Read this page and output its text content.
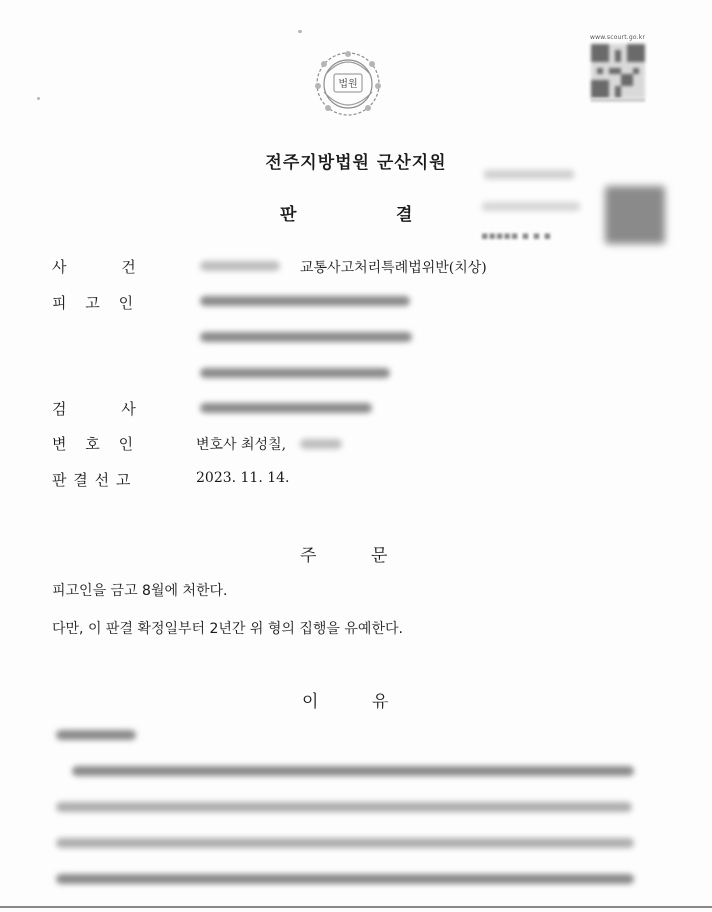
법원
www.scourt.go.kr
전주지방법원 군산지원
판	결
▪▪▪▪▪ ▪ ▪ ▪
사	건	교통사고처리특례법위반(치상)
피 고 인
검	사
변 호 인	변호사 최성칠,
판 결 선 고	2023. 11. 14.
주	문
피고인을 금고 8월에 처한다.
다만, 이 판결 확정일부터 2년간 위 형의 집행을 유예한다.
이	유
